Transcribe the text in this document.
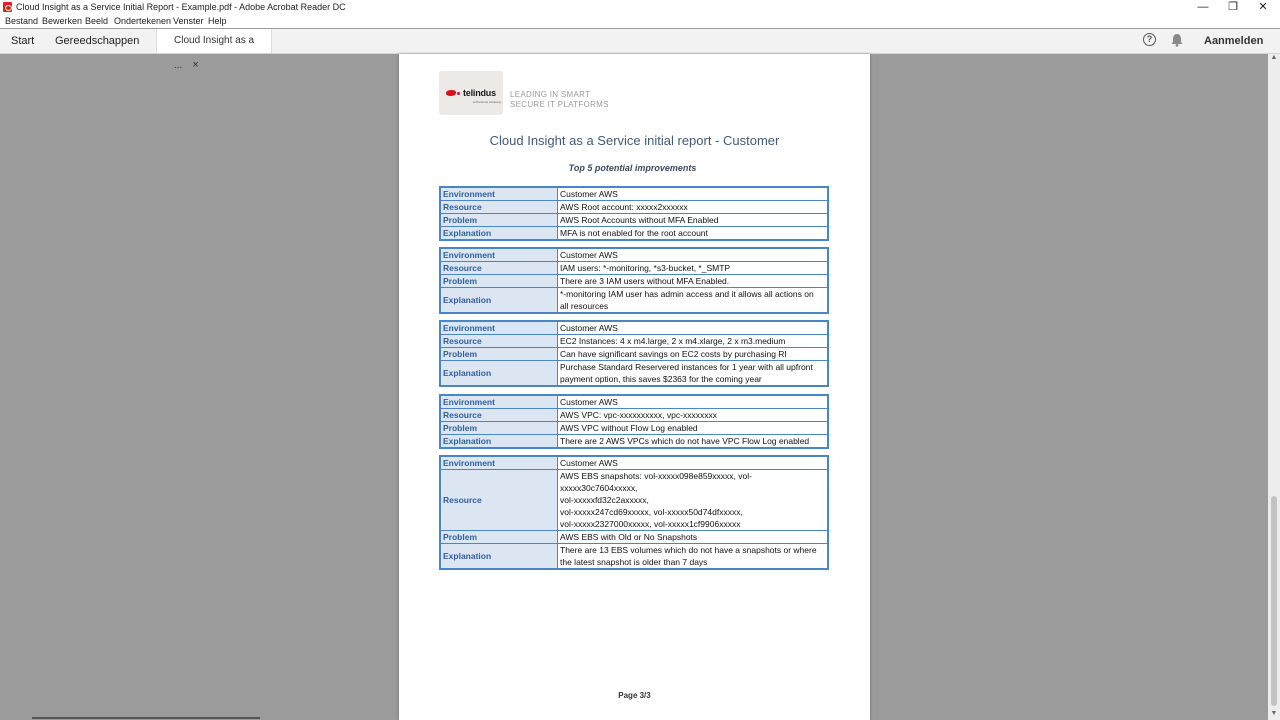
Cloud Insight as a Service Initial Report - Example.pdf - Adobe Acrobat Reader DC	—	❐	✕
Bestand Bewerken Beeld Ondertekenen Venster Help
Start	Gereedschappen	Cloud Insight as a ... ×
?	Aanmelden
telindus
a Proximus company
LEADING IN SMART
SECURE IT PLATFORMS
Cloud Insight as a Service initial report - Customer
Top 5 potential improvements
Environment	Customer AWS
Resource	AWS Root account: xxxxx2xxxxxx
Problem	AWS Root Accounts without MFA Enabled
Explanation	MFA is not enabled for the root account
Environment	Customer AWS
Resource	IAM users: *-monitoring, *s3-bucket, *_SMTP
Problem	There are 3 IAM users without MFA Enabled.
Explanation	*-monitoring IAM user has admin access and it allows all actions on
all resources
Environment	Customer AWS
Resource	EC2 Instances: 4 x m4.large, 2 x m4.xlarge, 2 x m3.medium
Problem	Can have significant savings on EC2 costs by purchasing RI
Explanation	Purchase Standard Reservered instances for 1 year with all upfront
payment option, this saves $2363 for the coming year
Environment	Customer AWS
Resource	AWS VPC: vpc-xxxxxxxxxx, vpc-xxxxxxxx
Problem	AWS VPC without Flow Log enabled
Explanation	There are 2 AWS VPCs which do not have VPC Flow Log enabled
Environment	Customer AWS
Resource	AWS EBS snapshots: vol-xxxxx098e859xxxxx, vol-xxxxx30c7604xxxxx,
vol-xxxxxfd32c2axxxxx,
vol-xxxxx247cd69xxxxx, vol-xxxxx50d74dfxxxxx,
vol-xxxxx2327000xxxxx, vol-xxxxx1cf9906xxxxx

Problem	AWS EBS with Old or No Snapshots
Explanation	There are 13 EBS volumes which do not have a snapshots or where
the latest snapshot is older than 7 days
Page 3/3
▲
▼
